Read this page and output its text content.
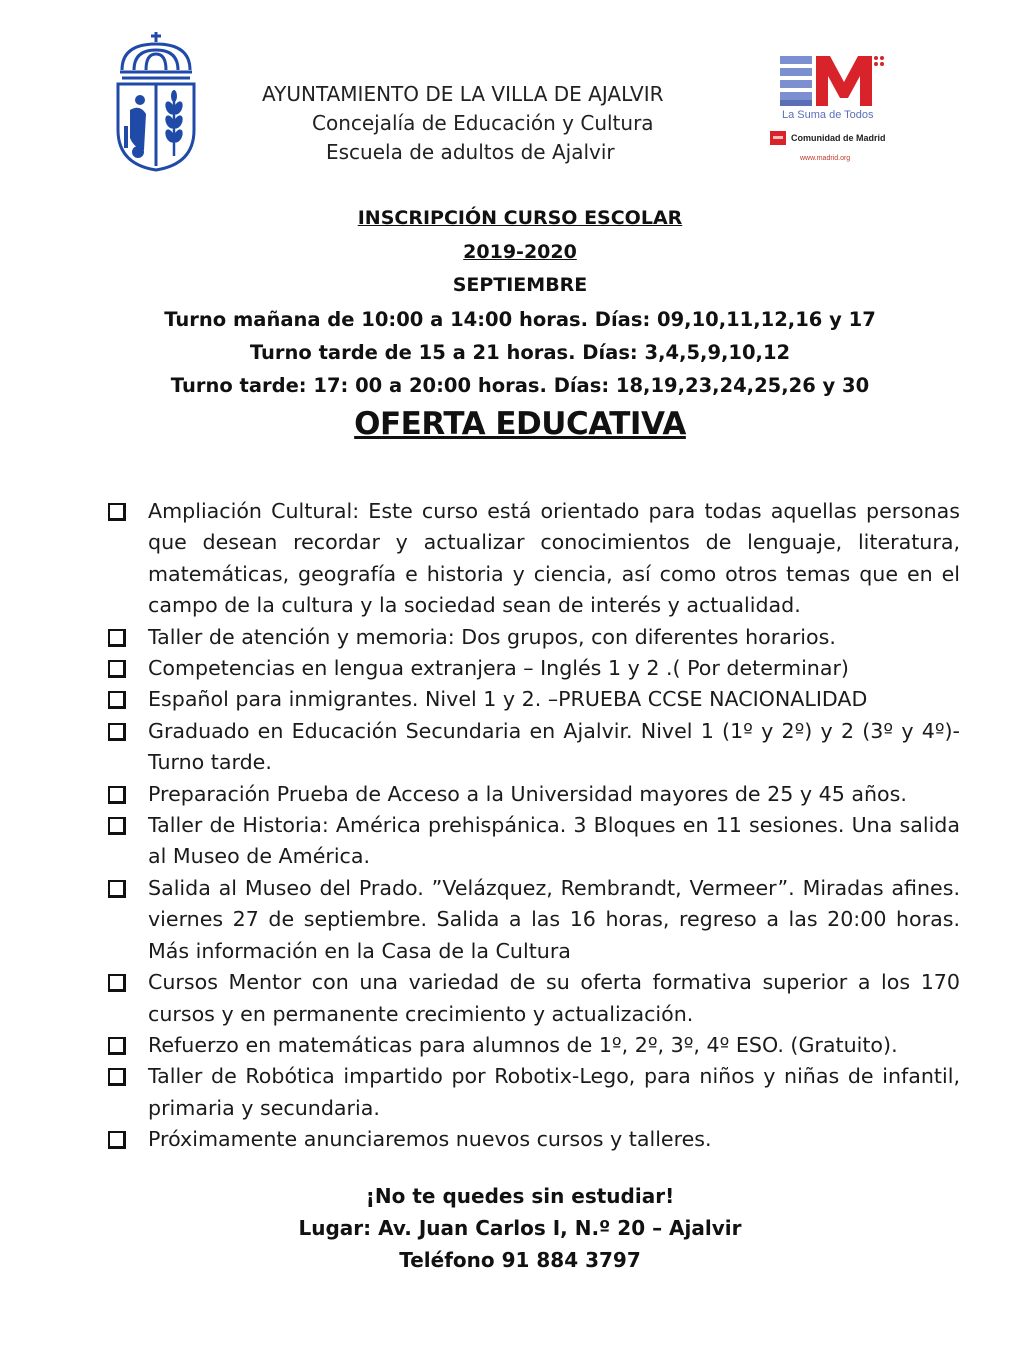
AYUNTAMIENTO DE LA VILLA DE AJALVIR
Concejalía de Educación y Cultura
Escuela de adultos de Ajalvir
La Suma de Todos
Comunidad de Madrid
www.madrid.org
INSCRIPCIÓN CURSO ESCOLAR
2019-2020
SEPTIEMBRE
Turno mañana de 10:00 a 14:00 horas. Días: 09,10,11,12,16 y 17
Turno tarde de 15 a 21 horas. Días: 3,4,5,9,10,12
Turno tarde: 17: 00 a 20:00 horas. Días: 18,19,23,24,25,26 y 30
OFERTA EDUCATIVA
Ampliación Cultural: Este curso está orientado para todas aquellas personas que desean recordar y actualizar conocimientos de lenguaje, literatura, matemáticas, geografía e historia y ciencia, así como otros temas que en el campo de la cultura y la sociedad sean de interés y actualidad.
Taller de atención y memoria: Dos grupos, con diferentes horarios.
Competencias en lengua extranjera – Inglés 1 y 2 .( Por determinar)
Español para inmigrantes. Nivel 1 y 2. –PRUEBA CCSE NACIONALIDAD
Graduado en Educación Secundaria en Ajalvir. Nivel 1 (1º y 2º) y 2 (3º y 4º)- Turno tarde.
Preparación Prueba de Acceso a la Universidad mayores de 25 y 45 años.
Taller de Historia: América prehispánica. 3 Bloques en 11 sesiones. Una salida al Museo de América.
Salida al Museo del Prado. ”Velázquez, Rembrandt, Vermeer”. Miradas afines. viernes 27 de septiembre. Salida a las 16 horas, regreso a las 20:00 horas. Más información en la Casa de la Cultura
Cursos Mentor con una variedad de su oferta formativa superior a los 170 cursos y en permanente crecimiento y actualización.
Refuerzo en matemáticas para alumnos de 1º, 2º, 3º, 4º ESO. (Gratuito).
Taller de Robótica impartido por Robotix-Lego, para niños y niñas de infantil, primaria y secundaria.
Próximamente anunciaremos nuevos cursos y talleres.
¡No te quedes sin estudiar!
Lugar: Av. Juan Carlos I, N.º 20 – Ajalvir
Teléfono 91 884 3797
